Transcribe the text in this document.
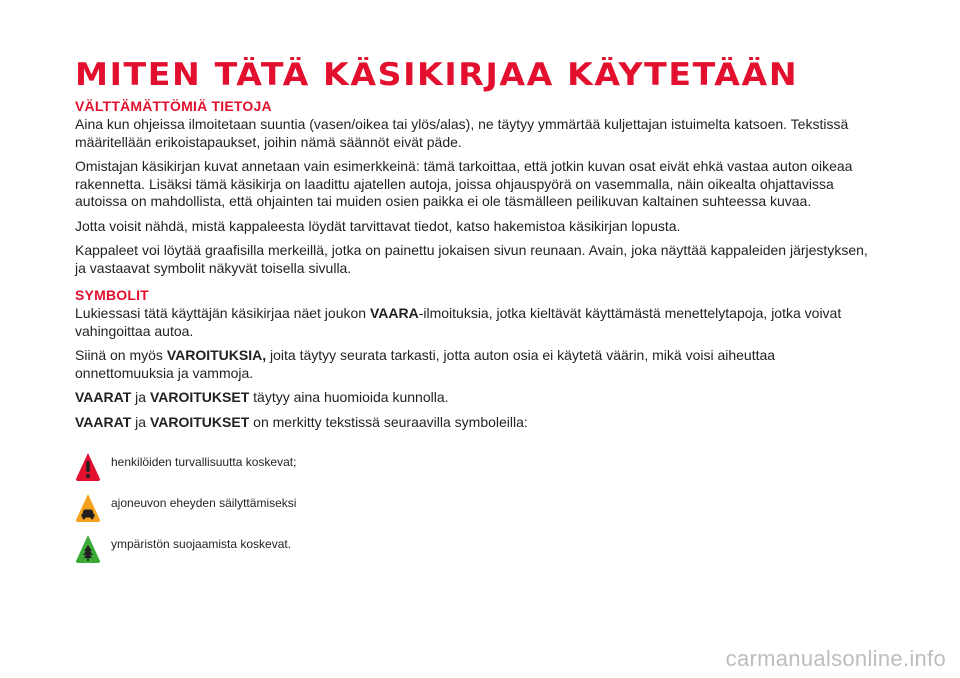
MITEN TÄTÄ KÄSIKIRJAA KÄYTETÄÄN
VÄLTTÄMÄTTÖMIÄ TIETOJA

Aina kun ohjeissa ilmoitetaan suuntia (vasen/oikea tai ylös/alas), ne täytyy ymmärtää kuljettajan istuimelta katsoen. Tekstissä määritellään erikoistapaukset, joihin nämä säännöt eivät päde.

Omistajan käsikirjan kuvat annetaan vain esimerkkeinä: tämä tarkoittaa, että jotkin kuvan osat eivät ehkä vastaa auton oikeaa rakennetta. Lisäksi tämä käsikirja on laadittu ajatellen autoja, joissa ohjauspyörä on vasemmalla, näin oikealta ohjattavissa autoissa on mahdollista, että ohjainten tai muiden osien paikka ei ole täsmälleen peilikuvan kaltainen suhteessa kuvaa.

Jotta voisit nähdä, mistä kappaleesta löydät tarvittavat tiedot, katso hakemistoa käsikirjan lopusta.

Kappaleet voi löytää graafisilla merkeillä, jotka on painettu jokaisen sivun reunaan. Avain, joka näyttää kappaleiden järjestyksen, ja vastaavat symbolit näkyvät toisella sivulla.

SYMBOLIT

Lukiessasi tätä käyttäjän käsikirjaa näet joukon VAARA-ilmoituksia, jotka kieltävät käyttämästä menettelytapoja, jotka voivat vahingoittaa autoa.

Siinä on myös VAROITUKSIA, joita täytyy seurata tarkasti, jotta auton osia ei käytetä väärin, mikä voisi aiheuttaa onnettomuuksia ja vammoja.

VAARAT ja VAROITUKSET täytyy aina huomioida kunnolla.

VAARAT ja VAROITUKSET on merkitty tekstissä seuraavilla symboleilla:

henkilöiden turvallisuutta koskevat;
ajoneuvon eheyden säilyttämiseksi
ympäristön suojaamista koskevat.
carmanualsonline.info
